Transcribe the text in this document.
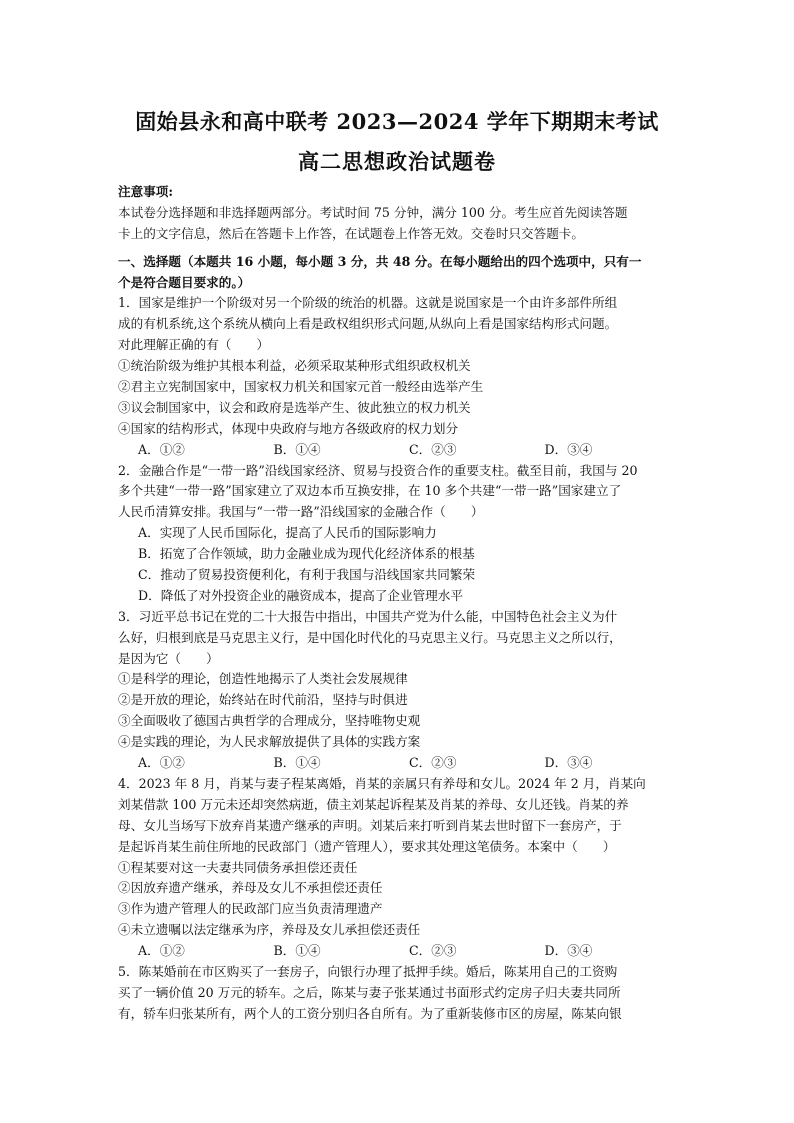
固始县永和高中联考 2023—2024 学年下期期末考试
高二思想政治试题卷
注意事项:
本试卷分选择题和非选择题两部分。考试时间 75 分钟，满分 100 分。考生应首先阅读答题
卡上的文字信息，然后在答题卡上作答，在试题卷上作答无效。交卷时只交答题卡。
一、选择题（本题共 16 小题，每小题 3 分，共 48 分。在每小题给出的四个选项中，只有一
个是符合题目要求的。）
1．国家是维护一个阶级对另一个阶级的统治的机器。这就是说国家是一个由许多部件所组
成的有机系统,这个系统从横向上看是政权组织形式问题,从纵向上看是国家结构形式问题。
对此理解正确的有（　　）
①统治阶级为维护其根本利益，必须采取某种形式组织政权机关
②君主立宪制国家中，国家权力机关和国家元首一般经由选举产生
③议会制国家中，议会和政府是选举产生、彼此独立的权力机关
④国家的结构形式，体现中央政府与地方各级政府的权力划分
A．①②	B．①④	C．②③	D．③④
2．金融合作是“一带一路”沿线国家经济、贸易与投资合作的重要支柱。截至目前，我国与 20
多个共建“一带一路”国家建立了双边本币互换安排，在 10 多个共建“一带一路”国家建立了
人民币清算安排。我国与“一带一路”沿线国家的金融合作（　　）
A．实现了人民币国际化，提高了人民币的国际影响力
B．拓宽了合作领域，助力金融业成为现代化经济体系的根基
C．推动了贸易投资便利化，有利于我国与沿线国家共同繁荣
D．降低了对外投资企业的融资成本，提高了企业管理水平
3．习近平总书记在党的二十大报告中指出，中国共产党为什么能，中国特色社会主义为什
么好，归根到底是马克思主义行，是中国化时代化的马克思主义行。马克思主义之所以行，
是因为它（　　）
①是科学的理论，创造性地揭示了人类社会发展规律
②是开放的理论，始终站在时代前沿，坚持与时俱进
③全面吸收了德国古典哲学的合理成分，坚持唯物史观
④是实践的理论，为人民求解放提供了具体的实践方案
A．①②	B．①④	C．②③	D．③④
4．2023 年 8 月，肖某与妻子程某离婚，肖某的亲属只有养母和女儿。2024 年 2 月，肖某向
刘某借款 100 万元未还却突然病逝，债主刘某起诉程某及肖某的养母、女儿还钱。肖某的养
母、女儿当场写下放弃肖某遗产继承的声明。刘某后来打听到肖某去世时留下一套房产，于
是起诉肖某生前住所地的民政部门（遗产管理人），要求其处理这笔债务。本案中（　　）
①程某要对这一夫妻共同债务承担偿还责任
②因放弃遗产继承，养母及女儿不承担偿还责任
③作为遗产管理人的民政部门应当负责清理遗产
④未立遗嘱以法定继承为序，养母及女儿承担偿还责任
A．①②	B．①④	C．②③	D．③④
5．陈某婚前在市区购买了一套房子，向银行办理了抵押手续。婚后，陈某用自己的工资购
买了一辆价值 20 万元的轿车。之后，陈某与妻子张某通过书面形式约定房子归夫妻共同所
有，轿车归张某所有，两个人的工资分别归各自所有。为了重新装修市区的房屋，陈某向银
